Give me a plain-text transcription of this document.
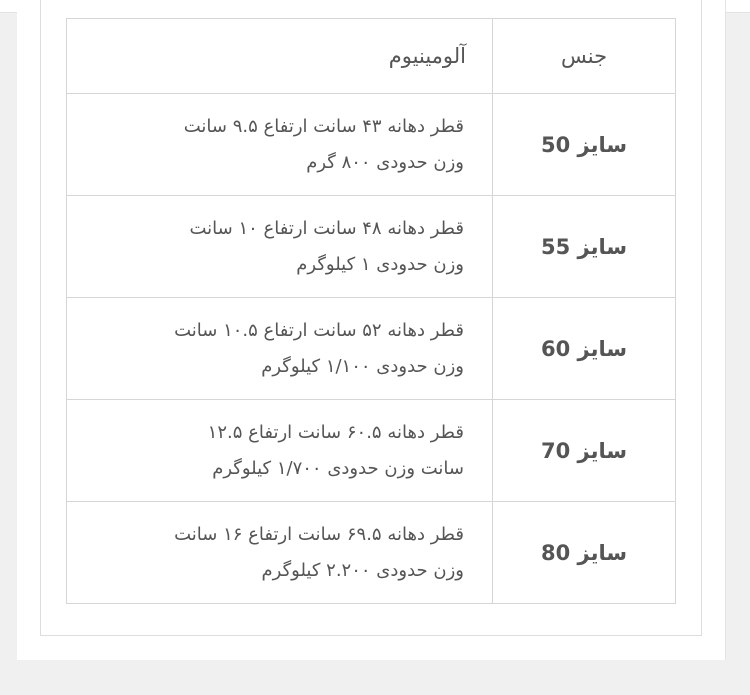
جنس	آلومینیوم
سایز 50	قطر دهانه ۴۳ سانت ارتفاع ۹.۵ سانت
وزن حدودی ۸۰۰ گرم

سایز 55	قطر دهانه ۴۸ سانت ارتفاع ۱۰ سانت
وزن حدودی ۱ کیلوگرم

سایز 60	قطر دهانه ۵۲ سانت ارتفاع ۱۰.۵ سانت
وزن حدودی ۱/۱۰۰ کیلوگرم

سایز 70	قطر دهانه ۶۰.۵ سانت ارتفاع ۱۲.۵
سانت وزن حدودی ۱/۷۰۰ کیلوگرم

سایز 80	قطر دهانه ۶۹.۵ سانت ارتفاع ۱۶ سانت
وزن حدودی ۲.۲۰۰ کیلوگرم
